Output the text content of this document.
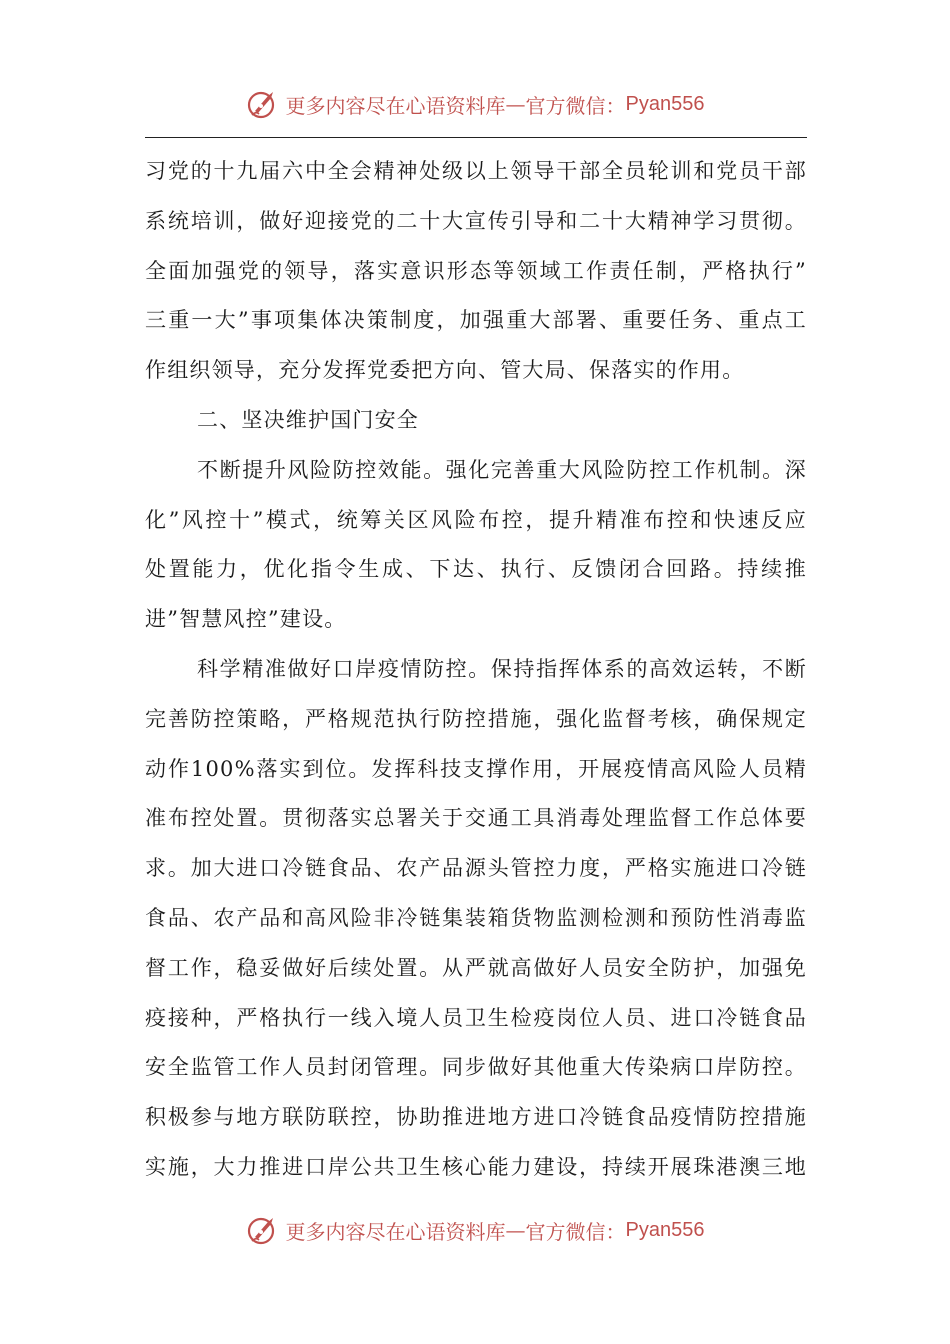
更多内容尽在心语资料库 — 官方微信： Pyan556

习党的十九届六中全会精神处级以上领导干部全员轮训和党员干部

系统培训，做好迎接党的二十大宣传引导和二十大精神学习贯彻。

全面加强党的领导，落实意识形态等领域工作责任制，严格执行”

三重一大”事项集体决策制度，加强重大部署、重要任务、重点工

作组织领导，充分发挥党委把方向、管大局、保落实的作用。

二、坚决维护国门安全

不断提升风险防控效能。强化完善重大风险防控工作机制。深

化”风控十”模式，统筹关区风险布控，提升精准布控和快速反应

处置能力，优化指令生成、下达、执行、反馈闭合回路。持续推

进”智慧风控”建设。

科学精准做好口岸疫情防控。保持指挥体系的高效运转，不断

完善防控策略，严格规范执行防控措施，强化监督考核，确保规定

动作100%落实到位。发挥科技支撑作用，开展疫情高风险人员精

准布控处置。贯彻落实总署关于交通工具消毒处理监督工作总体要

求。加大进口冷链食品、农产品源头管控力度，严格实施进口冷链

食品、农产品和高风险非冷链集装箱货物监测检测和预防性消毒监

督工作，稳妥做好后续处置。从严就高做好人员安全防护，加强免

疫接种，严格执行一线入境人员卫生检疫岗位人员、进口冷链食品

安全监管工作人员封闭管理。同步做好其他重大传染病口岸防控。

积极参与地方联防联控，协助推进地方进口冷链食品疫情防控措施

实施，大力推进口岸公共卫生核心能力建设，持续开展珠港澳三地

更多内容尽在心语资料库 — 官方微信： Pyan556
